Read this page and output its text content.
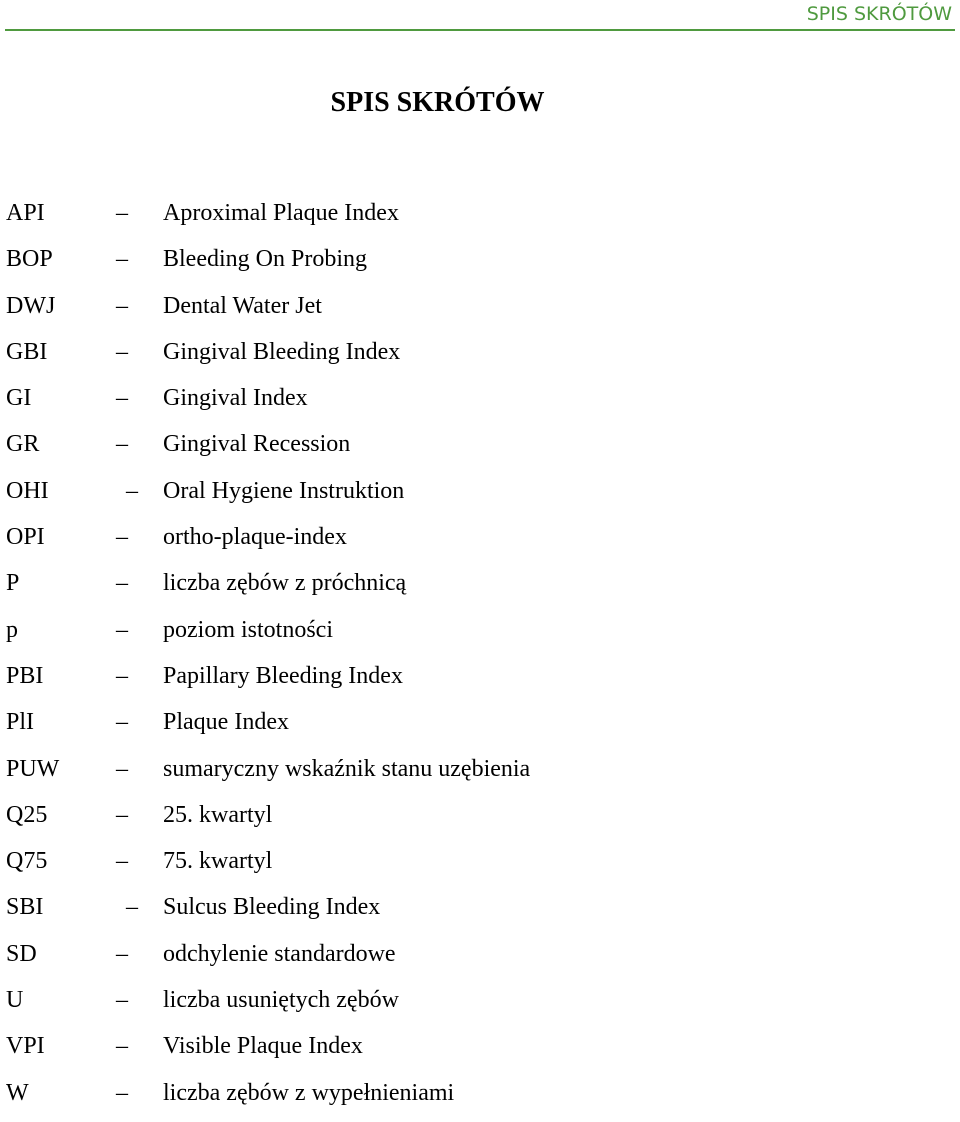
SPIS SKRÓTÓW
SPIS SKRÓTÓW
API	– Aproximal Plaque Index
BOP	– Bleeding On Probing
DWJ	– Dental Water Jet
GBI	– Gingival Bleeding Index
GI	– Gingival Index
GR	– Gingival Recession
OHI	– Oral Hygiene Instruktion
OPI	– ortho-plaque-index
P	– liczba zębów z próchnicą
p	– poziom istotności
PBI	– Papillary Bleeding Index
PlI	– Plaque Index
PUW – sumaryczny wskaźnik stanu uzębienia
Q25	– 25. kwartyl
Q75	– 75. kwartyl
SBI	– Sulcus Bleeding Index
SD	– odchylenie standardowe
U	– liczba usuniętych zębów
VPI	– Visible Plaque Index
W	– liczba zębów z wypełnieniami
